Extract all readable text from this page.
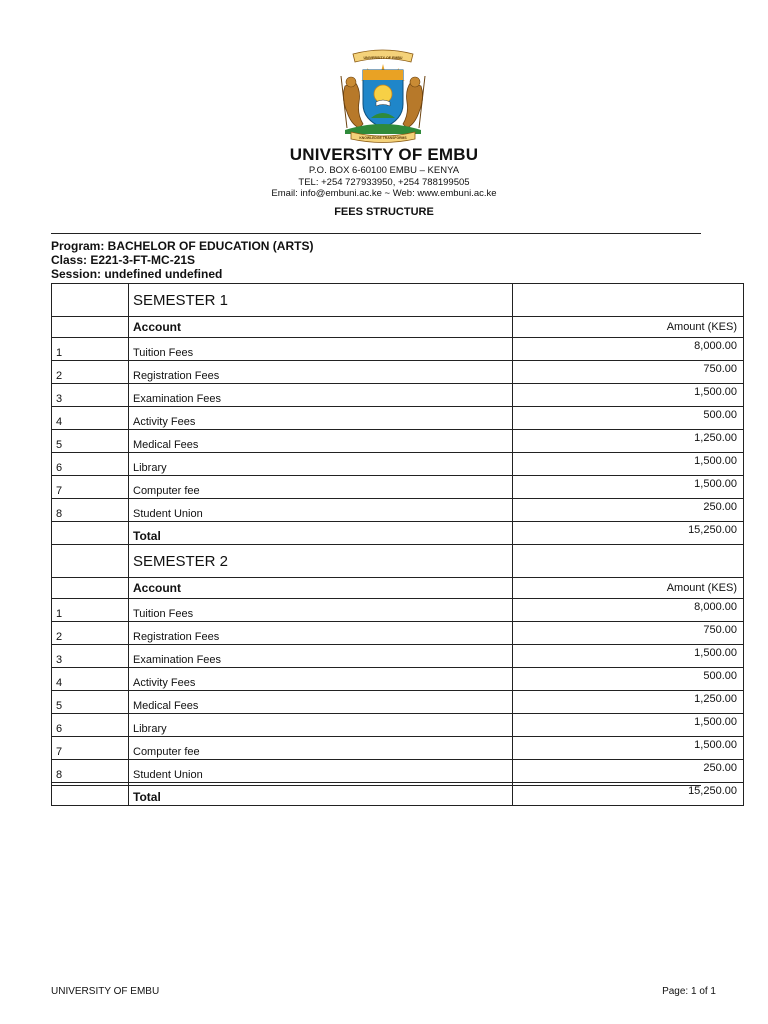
UNIVERSITY OF EMBU
KNOWLEDGE TRANSFORMS
UNIVERSITY OF EMBU
P.O. BOX 6-60100 EMBU – KENYA
TEL: +254 727933950, +254 788199505
Email: info@embuni.ac.ke ~ Web: www.embuni.ac.ke
FEES STRUCTURE
Program: BACHELOR OF EDUCATION (ARTS)
Class: E221-3-FT-MC-21S
Session: undefined undefined
	SEMESTER 1	
	Account	Amount (KES)
1	Tuition Fees	8,000.00
2	Registration Fees	750.00
3	Examination Fees	1,500.00
4	Activity Fees	500.00
5	Medical Fees	1,250.00
6	Library	1,500.00
7	Computer fee	1,500.00
8	Student Union	250.00
	Total	15,250.00
	SEMESTER 2	
	Account	Amount (KES)
1	Tuition Fees	8,000.00
2	Registration Fees	750.00
3	Examination Fees	1,500.00
4	Activity Fees	500.00
5	Medical Fees	1,250.00
6	Library	1,500.00
7	Computer fee	1,500.00
8	Student Union	250.00
	Total	15,250.00
UNIVERSITY OF EMBU	Page: 1 of 1
